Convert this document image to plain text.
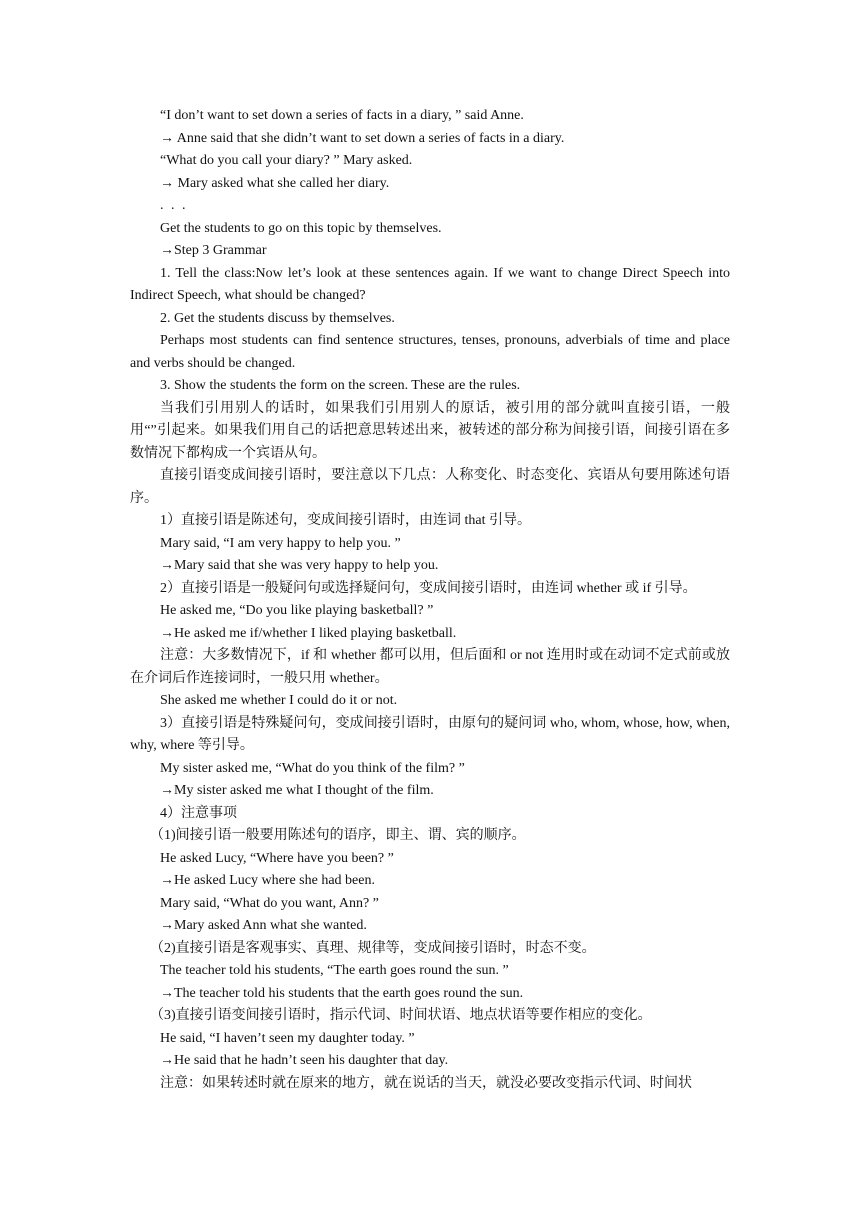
“I don’t want to set down a series of facts in a diary, ” said Anne.

→ Anne said that she didn’t want to set down a series of facts in a diary.

“What do you call your diary? ” Mary asked.

→ Mary asked what she called her diary.

. . .

Get the students to go on this topic by themselves.

→Step 3 Grammar

1. Tell the class:Now let’s look at these sentences again. If we want to change Direct Speech into Indirect Speech, what should be changed?

2. Get the students discuss by themselves.

Perhaps most students can find sentence structures, tenses, pronouns, adverbials of time and place and verbs should be changed.

3. Show the students the form on the screen. These are the rules.

当我们引用别人的话时，如果我们引用别人的原话，被引用的部分就叫直接引语，一般用“”引起来。如果我们用自己的话把意思转述出来，被转述的部分称为间接引语，间接引语在多数情况下都构成一个宾语从句。

直接引语变成间接引语时，要注意以下几点：人称变化、时态变化、宾语从句要用陈述句语序。

1）直接引语是陈述句，变成间接引语时，由连词 that 引导。

Mary said, “I am very happy to help you. ”

→Mary said that she was very happy to help you.

2）直接引语是一般疑问句或选择疑问句，变成间接引语时，由连词 whether 或 if 引导。

He asked me, “Do you like playing basketball? ”

→He asked me if/whether I liked playing basketball.

注意：大多数情况下，if 和 whether 都可以用，但后面和 or not 连用时或在动词不定式前或放在介词后作连接词时，一般只用 whether。

She asked me whether I could do it or not.

3）直接引语是特殊疑问句，变成间接引语时，由原句的疑问词 who, whom, whose, how, when, why, where 等引导。

My sister asked me, “What do you think of the film? ”

→My sister asked me what I thought of the film.

4）注意事项

（1)间接引语一般要用陈述句的语序，即主、谓、宾的顺序。

He asked Lucy, “Where have you been? ”

→He asked Lucy where she had been.

Mary said, “What do you want, Ann? ”

→Mary asked Ann what she wanted.

（2)直接引语是客观事实、真理、规律等，变成间接引语时，时态不变。

The teacher told his students, “The earth goes round the sun. ”

→The teacher told his students that the earth goes round the sun.

（3)直接引语变间接引语时，指示代词、时间状语、地点状语等要作相应的变化。

He said, “I haven’t seen my daughter today. ”

→He said that he hadn’t seen his daughter that day.

注意：如果转述时就在原来的地方，就在说话的当天，就没必要改变指示代词、时间状
